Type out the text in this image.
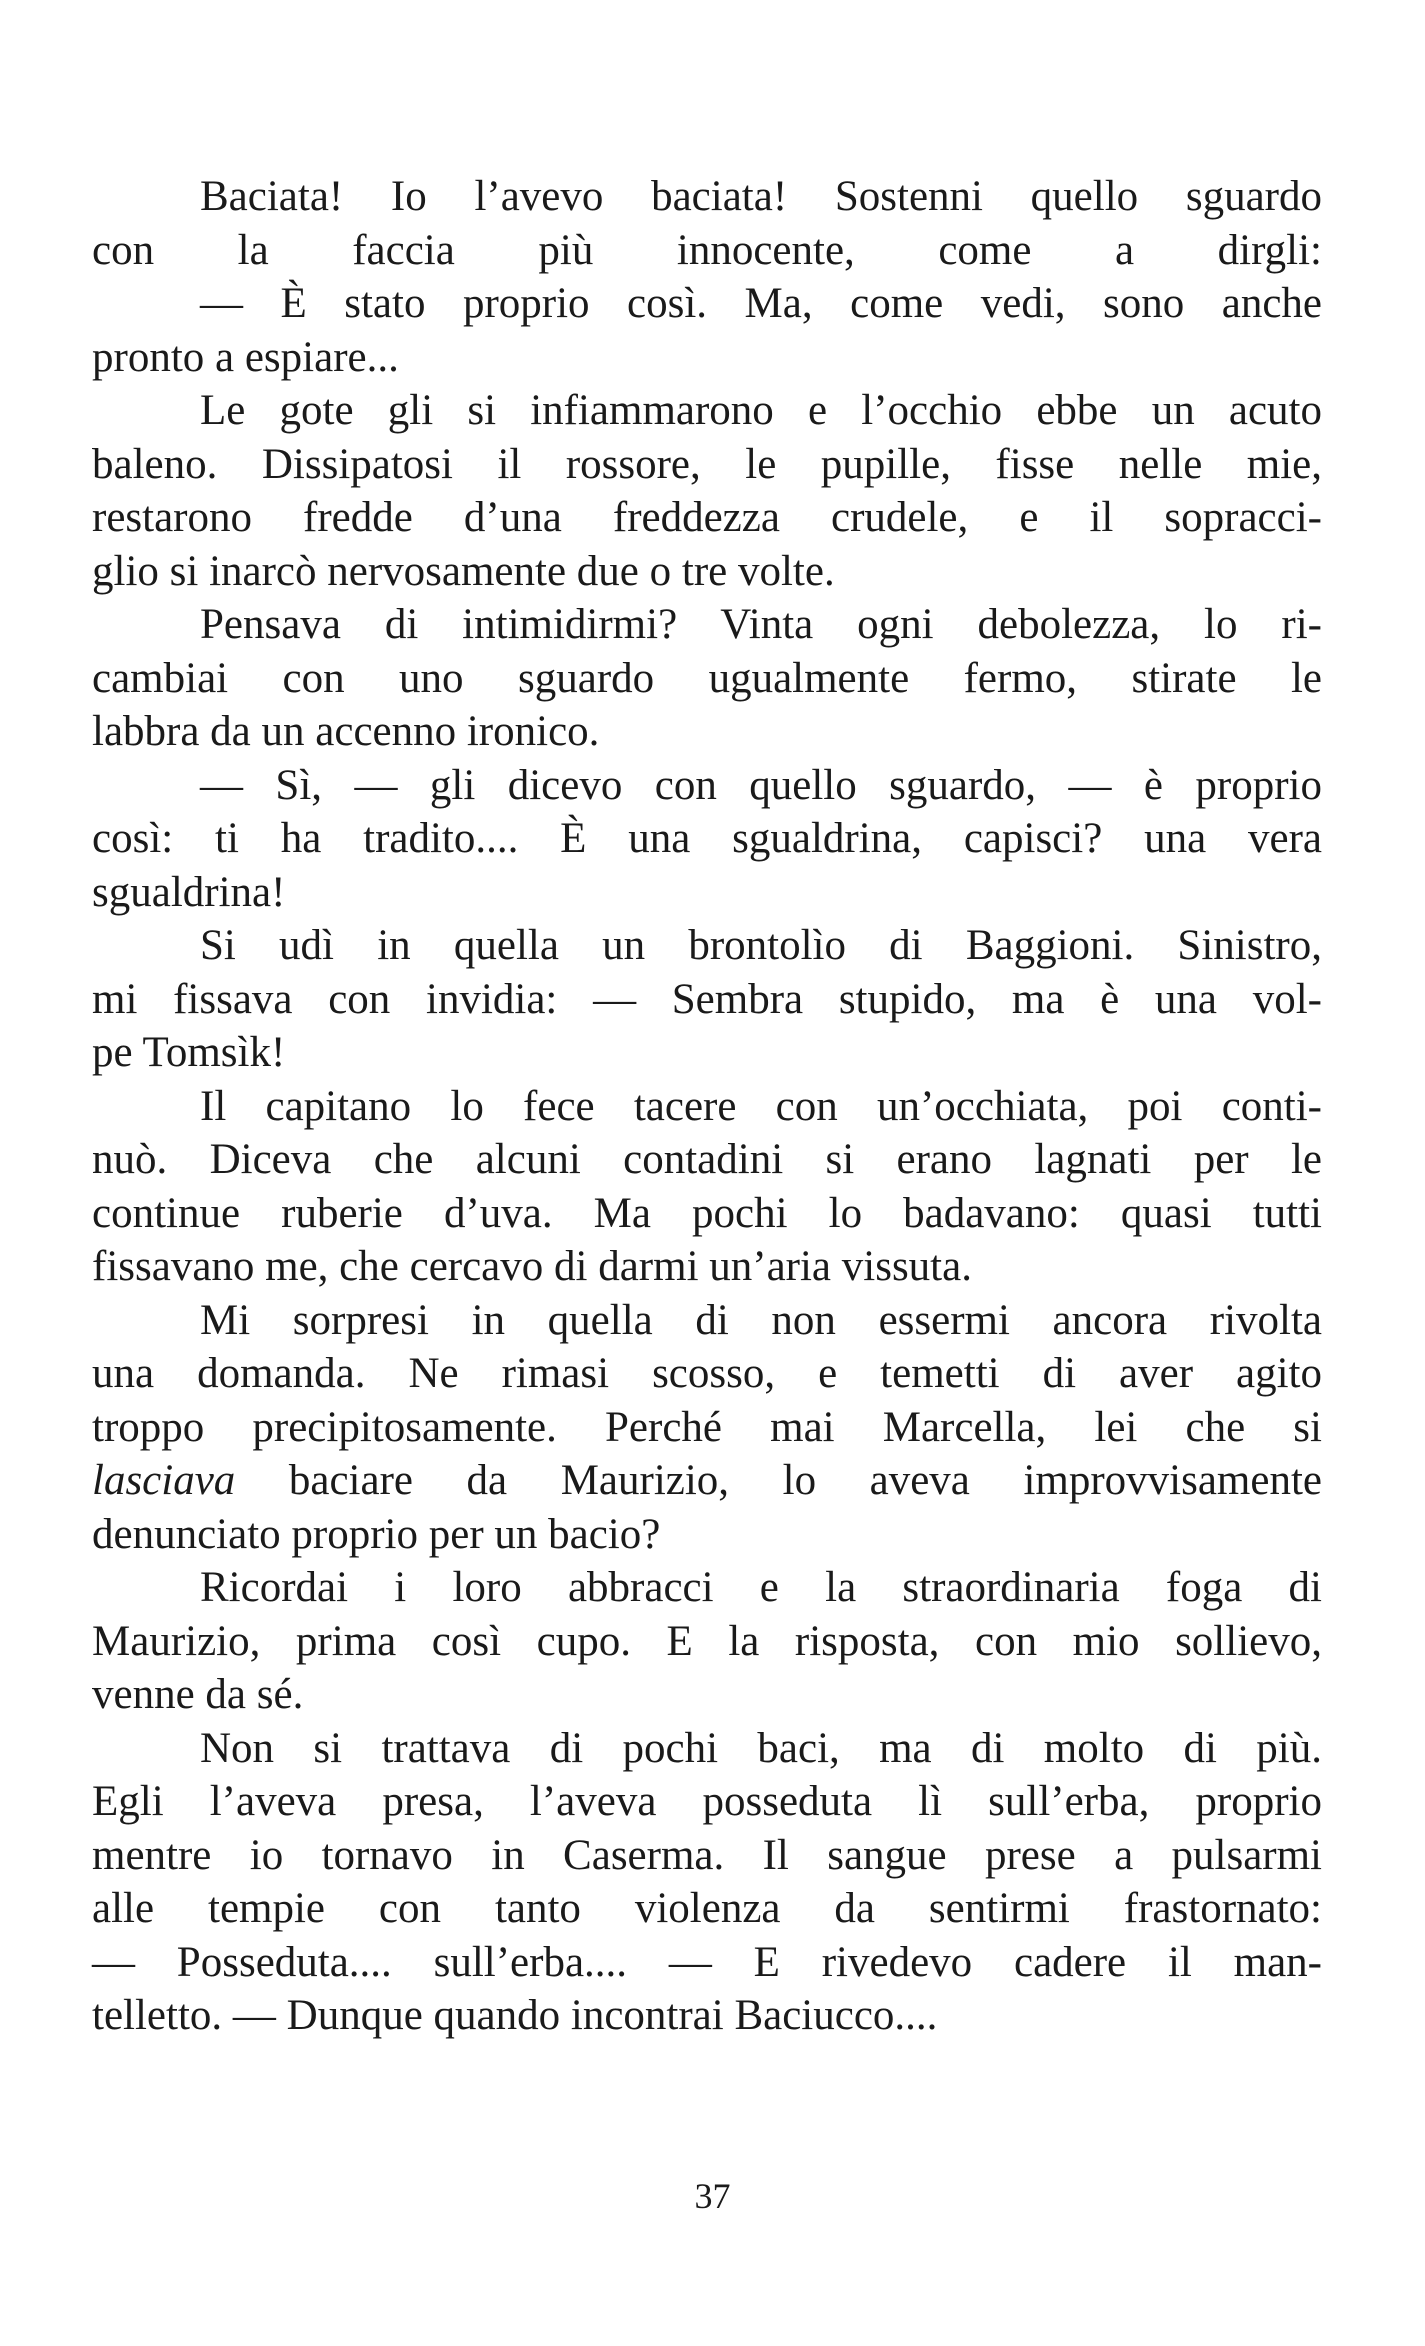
Baciata! Io l’avevo baciata! Sostenni quello sguardo
con la faccia più innocente, come a dirgli:
— È stato proprio così. Ma, come vedi, sono anche
pronto a espiare...
Le gote gli si infiammarono e l’occhio ebbe un acuto
baleno. Dissipatosi il rossore, le pupille, fisse nelle mie,
restarono fredde d’una freddezza crudele, e il sopracci-
glio si inarcò nervosamente due o tre volte.
Pensava di intimidirmi? Vinta ogni debolezza, lo ri-
cambiai con uno sguardo ugualmente fermo, stirate le
labbra da un accenno ironico.
— Sì, — gli dicevo con quello sguardo, — è proprio
così: ti ha tradito.... È una sgualdrina, capisci? una vera
sgualdrina!
Si udì in quella un brontolìo di Baggioni. Sinistro,
mi fissava con invidia: — Sembra stupido, ma è una vol-
pe Tomsìk!
Il capitano lo fece tacere con un’occhiata, poi conti-
nuò. Diceva che alcuni contadini si erano lagnati per le
continue ruberie d’uva. Ma pochi lo badavano: quasi tutti
fissavano me, che cercavo di darmi un’aria vissuta.
Mi sorpresi in quella di non essermi ancora rivolta
una domanda. Ne rimasi scosso, e temetti di aver agito
troppo precipitosamente. Perché mai Marcella, lei che si
lasciava baciare da Maurizio, lo aveva improvvisamente
denunciato proprio per un bacio?
Ricordai i loro abbracci e la straordinaria foga di
Maurizio, prima così cupo. E la risposta, con mio sollievo,
venne da sé.
Non si trattava di pochi baci, ma di molto di più.
Egli l’aveva presa, l’aveva posseduta lì sull’erba, proprio
mentre io tornavo in Caserma. Il sangue prese a pulsarmi
alle tempie con tanto violenza da sentirmi frastornato:
— Posseduta.... sull’erba.... — E rivedevo cadere il man-
telletto. — Dunque quando incontrai Baciucco....
37
